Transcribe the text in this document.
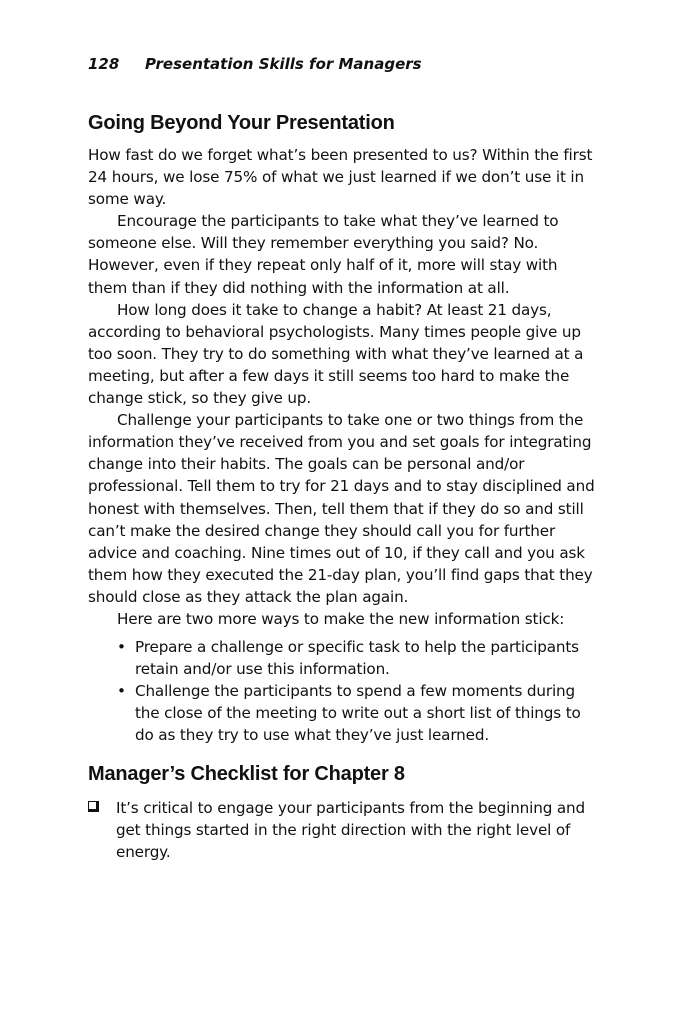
128 Presentation Skills for Managers
Going Beyond Your Presentation

How fast do we forget what’s been presented to us? Within the first 24 hours, we lose 75% of what we just learned if we don’t use it in some way.

Encourage the participants to take what they’ve learned to someone else. Will they remember everything you said? No. However, even if they repeat only half of it, more will stay with them than if they did nothing with the information at all.

How long does it take to change a habit? At least 21 days, according to behavioral psychologists. Many times people give up too soon. They try to do something with what they’ve learned at a meeting, but after a few days it still seems too hard to make the change stick, so they give up.

Challenge your participants to take one or two things from the information they’ve received from you and set goals for integrating change into their habits. The goals can be personal and/or professional. Tell them to try for 21 days and to stay disciplined and honest with themselves. Then, tell them that if they do so and still can’t make the desired change they should call you for further advice and coaching. Nine times out of 10, if they call and you ask them how they executed the 21-day plan, you’ll find gaps that they should close as they attack the plan again.

Here are two more ways to make the new information stick:

• Prepare a challenge or specific task to help the participants retain and/or use this information.
• Challenge the participants to spend a few moments during the close of the meeting to write out a short list of things to do as they try to use what they’ve just learned.
Manager’s Checklist for Chapter 8
It’s critical to engage your participants from the beginning and get things started in the right direction with the right level of energy.
